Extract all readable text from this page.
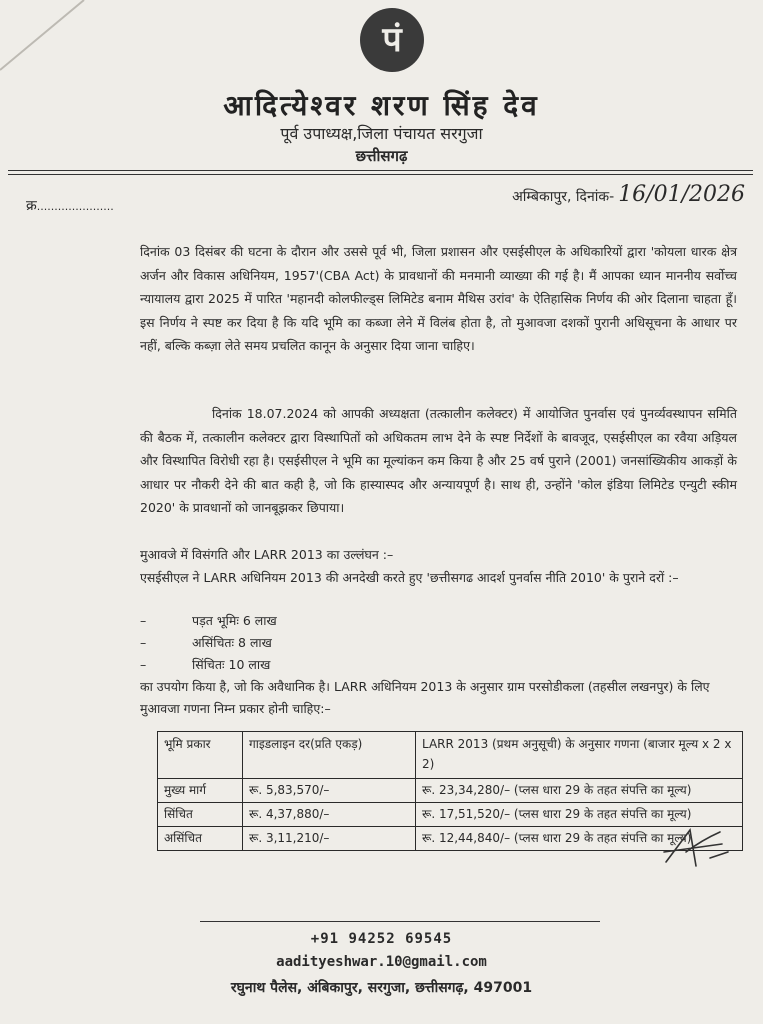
पं
आदित्येश्वर शरण सिंह देव
पूर्व उपाध्यक्ष,जिला पंचायत सरगुजा
छत्तीसगढ़
क्र......................
अम्बिकापुर, दिनांक- 16/01/2026
दिनांक 03 दिसंबर की घटना के दौरान और उससे पूर्व भी, जिला प्रशासन और एसईसीएल के अधिकारियों द्वारा 'कोयला धारक क्षेत्र अर्जन और विकास अधिनियम, 1957'(CBA Act) के प्रावधानों की मनमानी व्याख्या की गई है। मैं आपका ध्यान माननीय सर्वोच्च न्यायालय द्वारा 2025 में पारित 'महानदी कोलफील्ड्स लिमिटेड बनाम मैथिस उरांव' के ऐतिहासिक निर्णय की ओर दिलाना चाहता हूँ। इस निर्णय ने स्पष्ट कर दिया है कि यदि भूमि का कब्जा लेने में विलंब होता है, तो मुआवजा दशकों पुरानी अधिसूचना के आधार पर नहीं, बल्कि कब्ज़ा लेते समय प्रचलित कानून के अनुसार दिया जाना चाहिए।
दिनांक 18.07.2024 को आपकी अध्यक्षता (तत्कालीन कलेक्टर) में आयोजित पुनर्वास एवं पुनर्व्यवस्थापन समिति की बैठक में, तत्कालीन कलेक्टर द्वारा विस्थापितों को अधिकतम लाभ देने के स्पष्ट निर्देशों के बावजूद, एसईसीएल का रवैया अड़ियल और विस्थापित विरोधी रहा है। एसईसीएल ने भूमि का मूल्यांकन कम किया है और 25 वर्ष पुराने (2001) जनसांख्यिकीय आकड़ों के आधार पर नौकरी देने की बात कही है, जो कि हास्यास्पद और अन्यायपूर्ण है। साथ ही, उन्होंने 'कोल इंडिया लिमिटेड एन्युटी स्कीम 2020' के प्रावधानों को जानबूझकर छिपाया।
मुआवजे में विसंगति और LARR 2013 का उल्लंघन :–
एसईसीएल ने LARR अधिनियम 2013 की अनदेखी करते हुए 'छत्तीसगढ आदर्श पुनर्वास नीति 2010' के पुराने दरों :–
–	पड़त भूमिः 6 लाख
–	असिंचितः 8 लाख
–	सिंचितः 10 लाख
का उपयोग किया है, जो कि अवैधानिक है। LARR अधिनियम 2013 के अनुसार ग्राम परसोडीकला (तहसील लखनपुर) के लिए मुआवजा गणना निम्न प्रकार होनी चाहिए:–
भूमि प्रकार	गाइडलाइन दर(प्रति एकड़)	LARR 2013 (प्रथम अनुसूची) के अनुसार गणना (बाजार मूल्य x 2 x 2)
मुख्य मार्ग	रू. 5,83,570/–	रू. 23,34,280/– (प्लस धारा 29 के तहत संपत्ति का मूल्य)
सिंचित	रू. 4,37,880/–	रू. 17,51,520/– (प्लस धारा 29 के तहत संपत्ति का मूल्य)
असिंचित	रू. 3,11,210/–	रू. 12,44,840/– (प्लस धारा 29 के तहत संपत्ति का मूल्य)
+91 94252 69545
aadityeshwar.10@gmail.com
रघुनाथ पैलेस, अंबिकापुर, सरगुजा, छत्तीसगढ़, 497001
